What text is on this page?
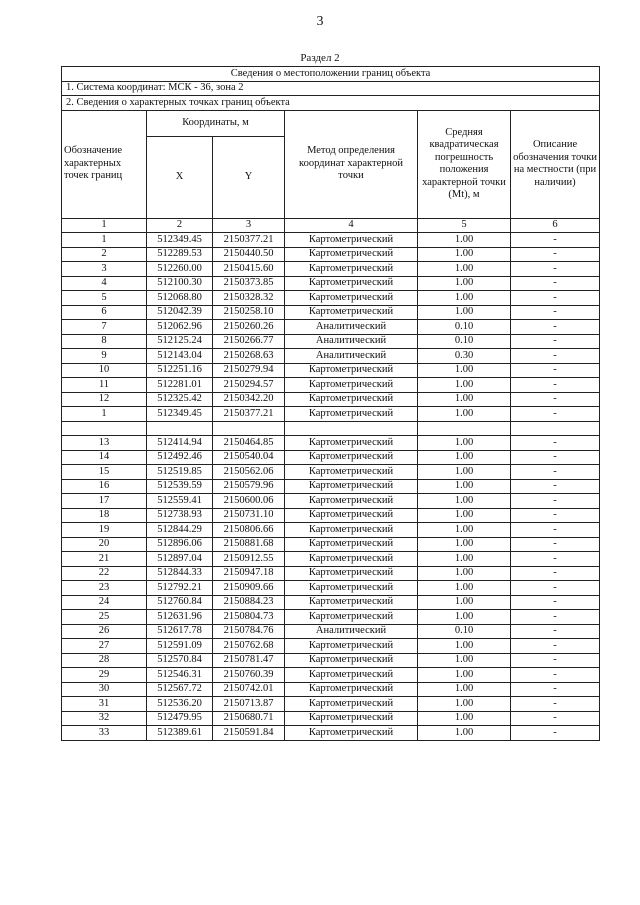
3
Раздел 2
Сведения о местоположении границ объекта					
1. Система координат: МСК - 36, зона 2					
2. Сведения о характерных точках границ объекта					
Обозначение характерных точек границ	Координаты, м		Метод определения координат характерной точки	Средняя квадратическая погрешность положения характерной точки (Mt), м	Описание обозначения точки на местности (при наличии)
	X	Y			
1	2	3	4	5	6
1	512349.45	2150377.21	Картометрический	1.00	-
2	512289.53	2150440.50	Картометрический	1.00	-
3	512260.00	2150415.60	Картометрический	1.00	-
4	512100.30	2150373.85	Картометрический	1.00	-
5	512068.80	2150328.32	Картометрический	1.00	-
6	512042.39	2150258.10	Картометрический	1.00	-
7	512062.96	2150260.26	Аналитический	0.10	-
8	512125.24	2150266.77	Аналитический	0.10	-
9	512143.04	2150268.63	Аналитический	0.30	-
10	512251.16	2150279.94	Картометрический	1.00	-
11	512281.01	2150294.57	Картометрический	1.00	-
12	512325.42	2150342.20	Картометрический	1.00	-
1	512349.45	2150377.21	Картометрический	1.00	-

13	512414.94	2150464.85	Картометрический	1.00	-
14	512492.46	2150540.04	Картометрический	1.00	-
15	512519.85	2150562.06	Картометрический	1.00	-
16	512539.59	2150579.96	Картометрический	1.00	-
17	512559.41	2150600.06	Картометрический	1.00	-
18	512738.93	2150731.10	Картометрический	1.00	-
19	512844.29	2150806.66	Картометрический	1.00	-
20	512896.06	2150881.68	Картометрический	1.00	-
21	512897.04	2150912.55	Картометрический	1.00	-
22	512844.33	2150947.18	Картометрический	1.00	-
23	512792.21	2150909.66	Картометрический	1.00	-
24	512760.84	2150884.23	Картометрический	1.00	-
25	512631.96	2150804.73	Картометрический	1.00	-
26	512617.78	2150784.76	Аналитический	0.10	-
27	512591.09	2150762.68	Картометрический	1.00	-
28	512570.84	2150781.47	Картометрический	1.00	-
29	512546.31	2150760.39	Картометрический	1.00	-
30	512567.72	2150742.01	Картометрический	1.00	-
31	512536.20	2150713.87	Картометрический	1.00	-
32	512479.95	2150680.71	Картометрический	1.00	-
33	512389.61	2150591.84	Картометрический	1.00	-
